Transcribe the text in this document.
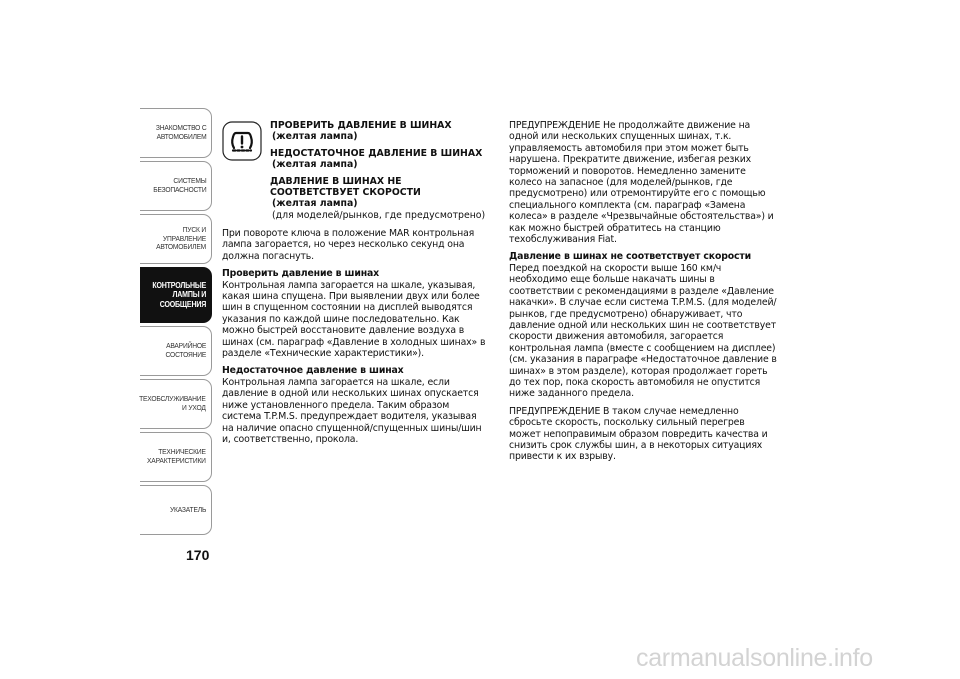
ЗНАКОМСТВО С
АВТОМОБИЛЕМ
СИСТЕМЫ
БЕЗОПАСНОСТИ
ПУСК И УПРАВЛЕНИЕ
АВТОМОБИЛЕМ
КОНТРОЛЬНЫЕ
ЛАМПЫ И
СООБЩЕНИЯ
АВАРИЙНОЕ
СОСТОЯНИЕ
ТЕХОБСЛУЖИВАНИЕ
И УХОД
ТЕХНИЧЕСКИЕ
ХАРАКТЕРИСТИКИ
УКАЗАТЕЛЬ
170
ПРОВЕРИТЬ ДАВЛЕНИЕ В ШИНАХ
(желтая лампа)
НЕДОСТАТОЧНОЕ ДАВЛЕНИЕ В ШИНАХ
(желтая лампа)
ДАВЛЕНИЕ В ШИНАХ НЕ СООТВЕТСТВУЕТ СКОРОСТИ
(желтая лампа)
(для моделей/рынков, где предусмотрено)

При повороте ключа в положение MAR контрольная лампа загорается, но через несколько секунд она должна погаснуть.

Проверить давление в шинах

Контрольная лампа загорается на шкале, указывая, какая шина спущена. При выявлении двух или более шин в спущенном состоянии на дисплей выводятся указания по каждой шине последовательно. Как можно быстрей восстановите давление воздуха в шинах (см. параграф «Давление в холодных шинах» в разделе «Технические характеристики»).

Недостаточное давление в шинах

Контрольная лампа загорается на шкале, если давление в одной или нескольких шинах опускается ниже установленного предела. Таким образом система T.P.M.S. предупреждает водителя, указывая на наличие опасно спущенной/спущенных шины/шин и, соответственно, прокола.

ПРЕДУПРЕЖДЕНИЕ Не продолжайте движение на одной или нескольких спущенных шинах, т.к. управляемость автомобиля при этом может быть нарушена. Прекратите движение, избегая резких торможений и поворотов. Немедленно замените колесо на запасное (для моделей/рынков, где предусмотрено) или отремонтируйте его с помощью специального комплекта (см. параграф «Замена колеса» в разделе «Чрезвычайные обстоятельства») и как можно быстрей обратитесь на станцию техобслуживания Fiat.

Давление в шинах не соответствует скорости

Перед поездкой на скорости выше 160 км/ч необходимо еще больше накачать шины в соответствии с рекомендациями в разделе «Давление накачки». В случае если система T.P.M.S. (для моделей/рынков, где предусмотрено) обнаруживает, что давление одной или нескольких шин не соответствует скорости движения автомобиля, загорается контрольная лампа (вместе с сообщением на дисплее) (см. указания в параграфе «Недостаточное давление в шинах» в этом разделе), которая продолжает гореть до тех пор, пока скорость автомобиля не опустится ниже заданного предела.

ПРЕДУПРЕЖДЕНИЕ В таком случае немедленно сбросьте скорость, поскольку сильный перегрев может непоправимым образом повредить качества и снизить срок службы шин, а в некоторых ситуациях привести к их взрыву.

carmanualsonline.info
